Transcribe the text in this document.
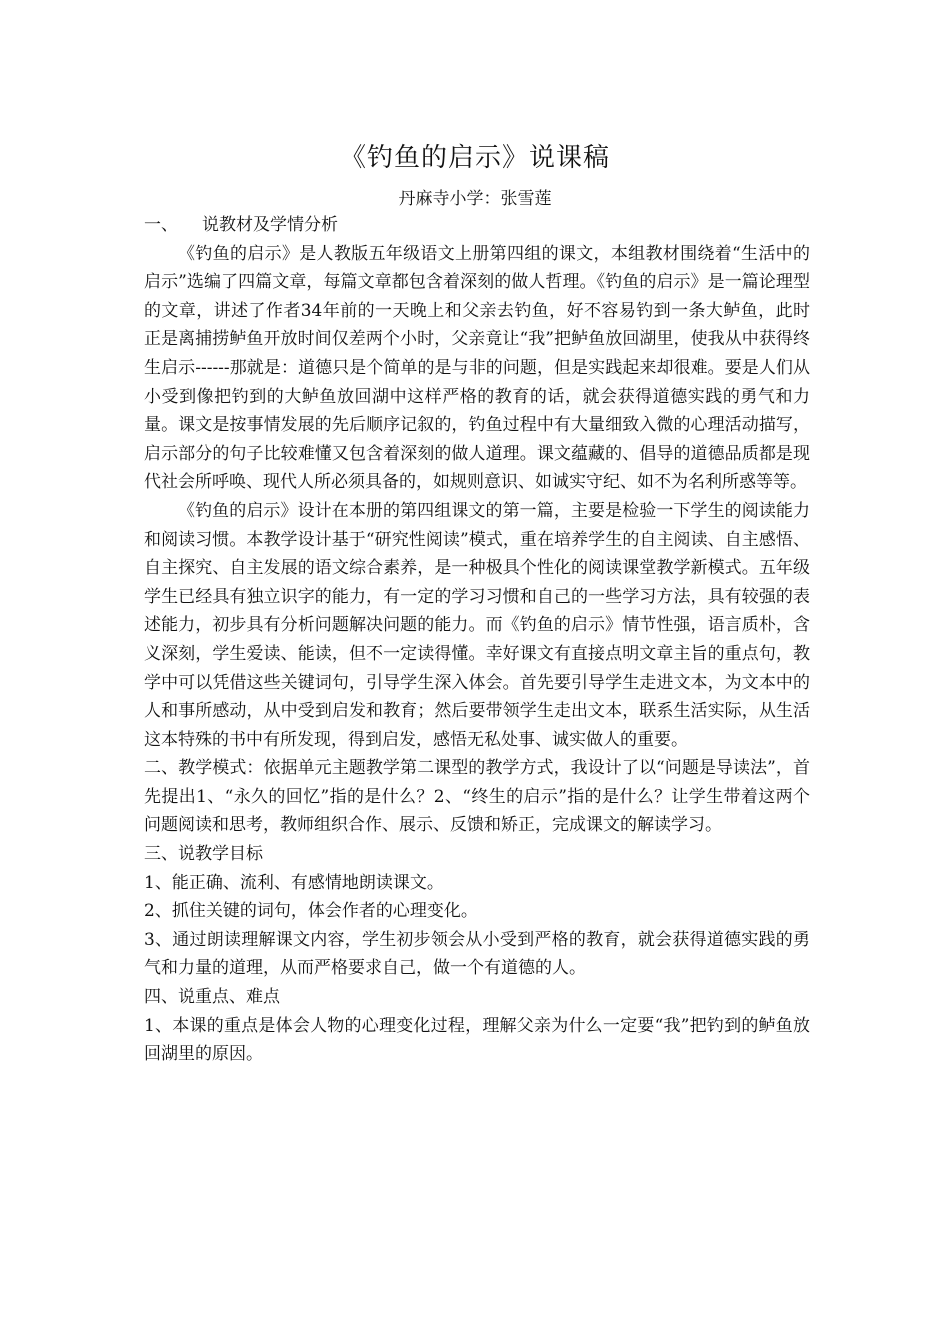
《钓鱼的启示》说课稿
丹麻寺小学：张雪莲
一、	说教材及学情分析

《钓鱼的启示》是人教版五年级语文上册第四组的课文，本组教材围绕着“生活中的启示”选编了四篇文章，每篇文章都包含着深刻的做人哲理。《钓鱼的启示》是一篇论理型的文章，讲述了作者34年前的一天晚上和父亲去钓鱼，好不容易钓到一条大鲈鱼，此时正是离捕捞鲈鱼开放时间仅差两个小时，父亲竟让“我”把鲈鱼放回湖里，使我从中获得终生启示------那就是：道德只是个简单的是与非的问题，但是实践起来却很难。要是人们从小受到像把钓到的大鲈鱼放回湖中这样严格的教育的话，就会获得道德实践的勇气和力量。课文是按事情发展的先后顺序记叙的，钓鱼过程中有大量细致入微的心理活动描写，启示部分的句子比较难懂又包含着深刻的做人道理。课文蕴藏的、倡导的道德品质都是现代社会所呼唤、现代人所必须具备的，如规则意识、如诚实守纪、如不为名利所惑等等。

《钓鱼的启示》设计在本册的第四组课文的第一篇，主要是检验一下学生的阅读能力和阅读习惯。本教学设计基于“研究性阅读”模式，重在培养学生的自主阅读、自主感悟、自主探究、自主发展的语文综合素养，是一种极具个性化的阅读课堂教学新模式。五年级学生已经具有独立识字的能力，有一定的学习习惯和自己的一些学习方法，具有较强的表述能力，初步具有分析问题解决问题的能力。而《钓鱼的启示》情节性强，语言质朴，含义深刻，学生爱读、能读，但不一定读得懂。幸好课文有直接点明文章主旨的重点句，教学中可以凭借这些关键词句，引导学生深入体会。首先要引导学生走进文本，为文本中的人和事所感动，从中受到启发和教育；然后要带领学生走出文本，联系生活实际，从生活这本特殊的书中有所发现，得到启发，感悟无私处事、诚实做人的重要。

二、教学模式：依据单元主题教学第二课型的教学方式，我设计了以“问题是导读法”，首先提出1、“永久的回忆”指的是什么？2、“终生的启示”指的是什么？让学生带着这两个问题阅读和思考，教师组织合作、展示、反馈和矫正，完成课文的解读学习。

三、说教学目标

1、能正确、流利、有感情地朗读课文。

2、抓住关键的词句，体会作者的心理变化。

3、通过朗读理解课文内容，学生初步领会从小受到严格的教育，就会获得道德实践的勇气和力量的道理，从而严格要求自己，做一个有道德的人。

四、说重点、难点

1、本课的重点是体会人物的心理变化过程，理解父亲为什么一定要“我”把钓到的鲈鱼放回湖里的原因。
